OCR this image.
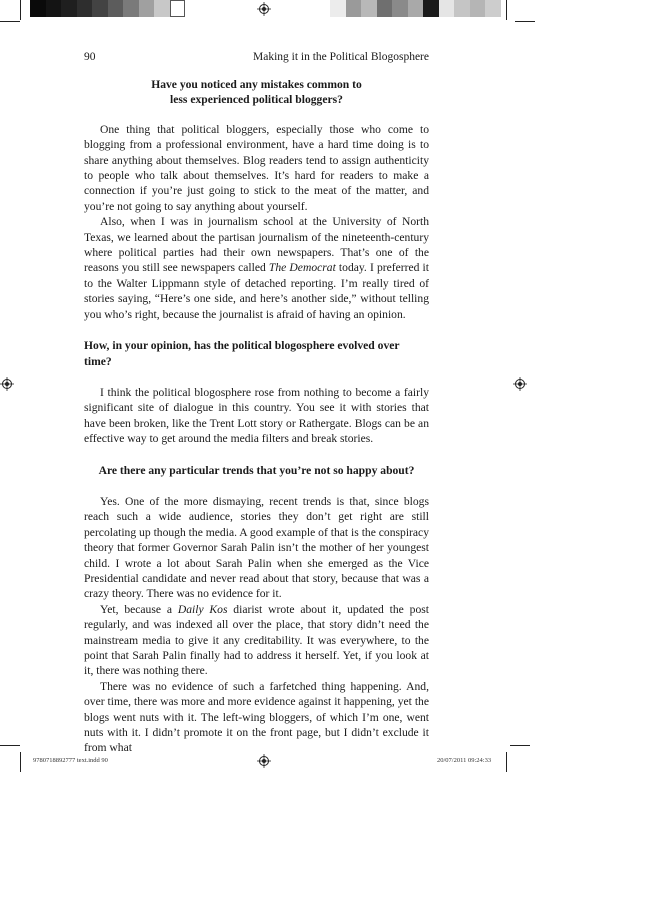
90	Making it in the Political Blogosphere
Have you noticed any mistakes common to
less experienced political bloggers?

One thing that political bloggers, especially those who come to blogging from a professional environment, have a hard time doing is to share anything about themselves. Blog readers tend to assign authenticity to people who talk about themselves. It’s hard for readers to make a connection if you’re just going to stick to the meat of the matter, and you’re not going to say anything about yourself.

Also, when I was in journalism school at the University of North Texas, we learned about the partisan journalism of the nineteenth-century where political parties had their own newspapers. That’s one of the reasons you still see newspapers called The Democrat today. I preferred it to the Walter Lippmann style of detached reporting. I’m really tired of stories saying, “Here’s one side, and here’s another side,” without telling you who’s right, because the journalist is afraid of having an opinion.

How, in your opinion, has the political blogosphere evolved over time?

I think the political blogosphere rose from nothing to become a fairly significant site of dialogue in this country. You see it with stories that have been broken, like the Trent Lott story or Rathergate. Blogs can be an effective way to get around the media filters and break stories.

Are there any particular trends that you’re not so happy about?

Yes. One of the more dismaying, recent trends is that, since blogs reach such a wide audience, stories they don’t get right are still percolating up though the media. A good example of that is the conspiracy theory that former Governor Sarah Palin isn’t the mother of her youngest child. I wrote a lot about Sarah Palin when she emerged as the Vice Presidential candidate and never read about that story, because that was a crazy theory. There was no evidence for it.

Yet, because a Daily Kos diarist wrote about it, updated the post regularly, and was indexed all over the place, that story didn’t need the mainstream media to give it any creditability. It was everywhere, to the point that Sarah Palin finally had to address it herself. Yet, if you look at it, there was nothing there.

There was no evidence of such a farfetched thing happening. And, over time, there was more and more evidence against it happening, yet the blogs went nuts with it. The left-wing bloggers, of which I’m one, went nuts with it. I didn’t promote it on the front page, but I didn’t exclude it from what

9780718892777 text.indd 90	20/07/2011 09:24:33
